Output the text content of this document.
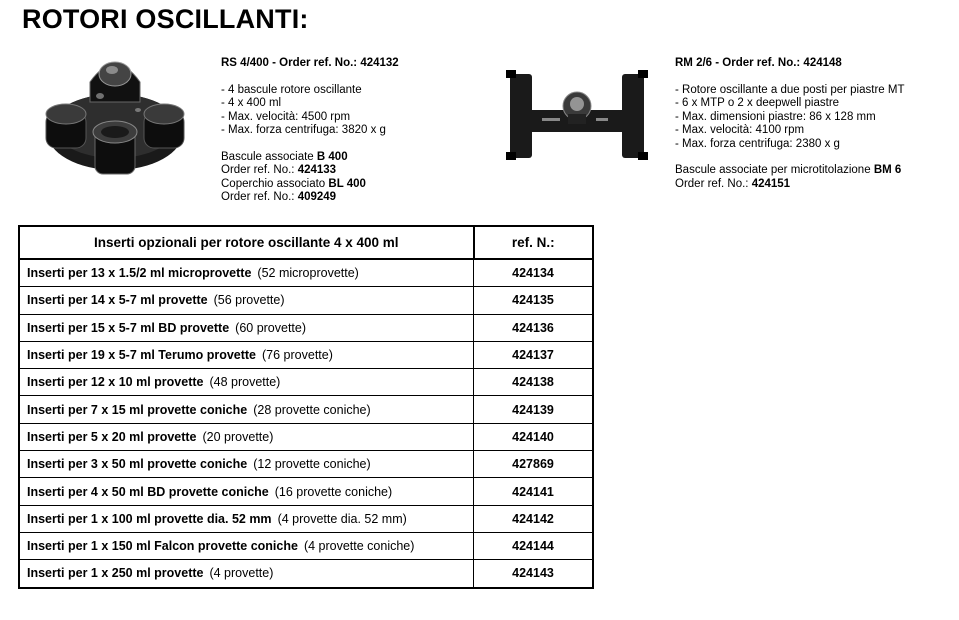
ROTORI OSCILLANTI:
RS 4/400 - Order ref. No.: 424132
- 4 bascule rotore oscillante
- 4 x 400 ml
- Max. velocità: 4500 rpm
- Max. forza centrifuga: 3820 x g
Bascule associate B 400
Order ref. No.: 424133
Coperchio associato BL 400
Order ref. No.: 409249
RM 2/6 - Order ref. No.: 424148
- Rotore oscillante a due posti per piastre MT
- 6 x MTP o 2 x deepwell piastre
- Max. dimensioni piastre: 86 x 128 mm
- Max. velocità: 4100 rpm
- Max. forza centrifuga: 2380 x g
Bascule associate per microtitolazione BM 6
Order ref. No.: 424151
Inserti opzionali per rotore oscillante 4 x 400 ml	ref. N.:
Inserti per 13 x 1.5/2 ml microprovette (52 microprovette)	424134
Inserti per 14 x 5-7 ml provette (56 provette)	424135
Inserti per 15 x 5-7 ml BD provette (60 provette)	424136
Inserti per 19 x 5-7 ml Terumo provette (76 provette)	424137
Inserti per 12 x 10 ml provette (48 provette)	424138
Inserti per 7 x 15 ml provette coniche (28 provette coniche)	424139
Inserti per 5 x 20 ml provette (20 provette)	424140
Inserti per 3 x 50 ml provette coniche (12 provette coniche)	427869
Inserti per 4 x 50 ml BD provette coniche (16 provette coniche)	424141
Inserti per 1 x 100 ml provette dia. 52 mm (4 provette dia. 52 mm)	424142
Inserti per 1 x 150 ml Falcon provette coniche (4 provette coniche)	424144
Inserti per 1 x 250 ml provette (4 provette)	424143
